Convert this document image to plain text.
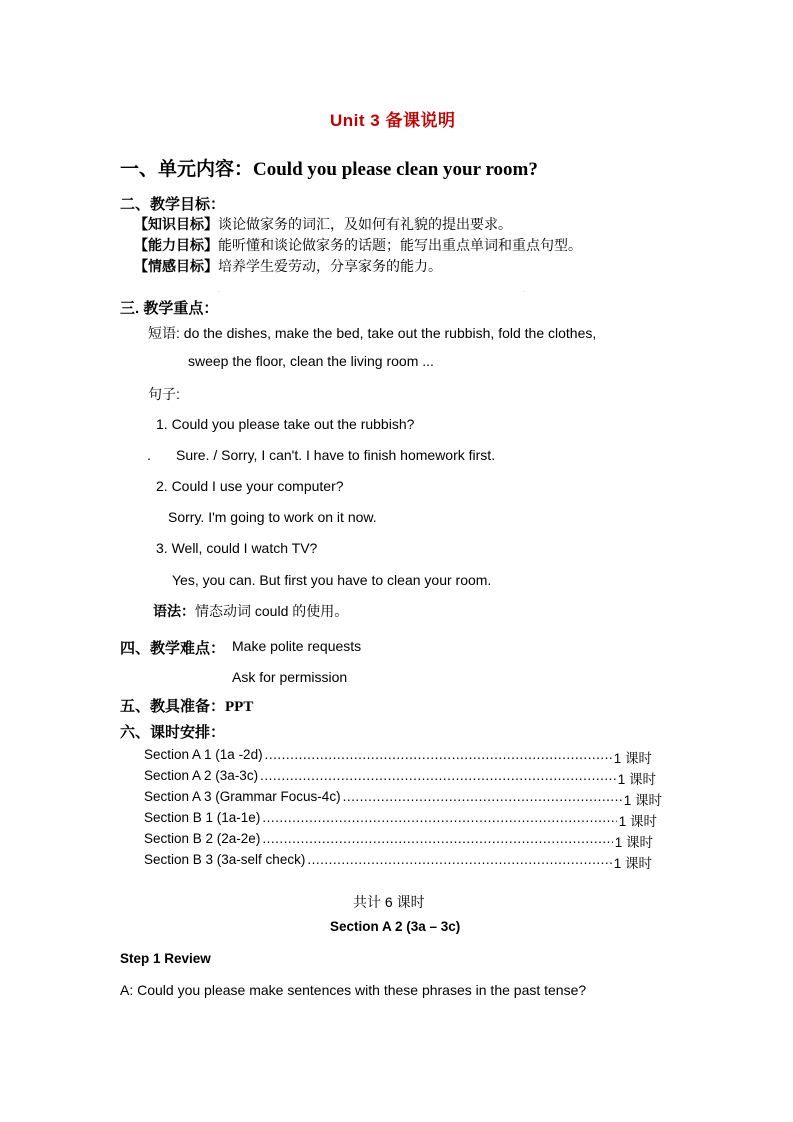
Unit 3 备课说明
一、单元内容：Could you please clean your room?
二、教学目标：
【知识目标】谈论做家务的词汇，及如何有礼貌的提出要求。
【能力目标】能听懂和谈论做家务的话题；能写出重点单词和重点句型。
【情感目标】培养学生爱劳动，分享家务的能力。
·	·
三. 教学重点：
短语: do the dishes, make the bed, take out the rubbish, fold the clothes,
sweep the floor, clean the living room ...
句子:
1. Could you please take out the rubbish?
. Sure. / Sorry, I can't. I have to finish homework first.
2. Could I use your computer?
Sorry. I'm going to work on it now.
3. Well, could I watch TV?
Yes, you can. But first you have to clean your room.
语法：情态动词 could 的使用。
四、教学难点： Make polite requests
Ask for permission
五、教具准备：PPT
六、课时安排：
Section A 1 (1a -2d) .....	1 课时
Section A 2 (3a-3c) .....	1 课时
Section A 3 (Grammar Focus-4c) .....	1 课时
Section B 1 (1a-1e) .....	1 课时
Section B 2 (2a-2e) .....	1 课时
Section B 3 (3a-self check) .....	1 课时
共计 6 课时
Section A 2 (3a – 3c)
Step 1 Review
A: Could you please make sentences with these phrases in the past tense?
